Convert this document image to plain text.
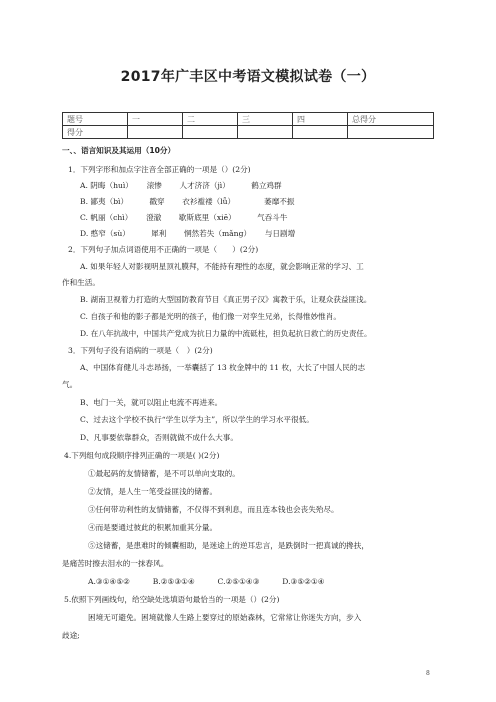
2017年广丰区中考语文模拟试卷（一）
题号	一	二	三	四	总得分
得分					
一、、语言知识及其运用（10分）
1．下列字形和加点字注音全部正确的一项是（）(2分)
A. 阴晦（huì）　　 滚惨　　 人才济济（jì）　　　 鹤立鸡群
B. 鄙夷（bì）　　　 戳穿　　 衣衫褴褛（lǚ）　　　　 萎靡不振
C. 帆丽（chì）　　 澄澈　　 歇斯底里（xiē）　　　 气吞斗牛
D. 憨窄（sù）　　　 犀利　　 惘然若失（mǎng）　　 与日剧增
2．下列句子加点词语使用不正确的一项是（　　）(2分)
A. 如果年轻人对影视明星顶礼膜拜，不能持有理性的态度，就会影响正常的学习、工
作和生活。
B. 湖南卫视着力打造的大型国防教育节目《真正男子汉》寓教于乐，让观众获益匪浅。
C. 自孩子和他的影子都是光明的孩子，他们像一对孪生兄弟，长得惟妙惟肖。
D. 在八年抗战中，中国共产党成为抗日力量的中流砥柱，担负起抗日救亡的历史责任。
3．下列句子没有语病的一项是（　）(2分)
A、中国体育健儿斗志昂扬，一举囊括了 13 枚金牌中的 11 枚，大长了中国人民的志
气。
B、电门一关，就可以阻止电流不再进来。
C、过去这个学校不执行“学生以学为主”，所以学生的学习水平很低。
D、凡事要依靠群众，否则就做不成什么大事。
4.下列组句成段顺序排列正确的一项是( )(2分)
①最起码的友情储蓄，是不可以单向支取的。
②友情，是人生一笔受益匪浅的储蓄。
③任何带功利性的友情储蓄，不仅得不到利息，而且连本钱也会丧失殆尽。
④而是要通过彼此的积累加重其分量。
⑤这储蓄，是患难时的倾囊相助，是迷途上的逆耳忠言，是跌倒时一把真诚的搀扶，
是痛苦时擦去泪水的一抹春风。
A.③①④⑤②　　　B.②⑤③①④　　　C.②⑤①④③　　　D.③⑤②①④
5.依照下列画线句，给空缺处选填语句最恰当的一项是（）(2分)
困境无可避免。困境就像人生路上要穿过的原始森林，它常常让你迷失方向，步入
歧途;
8
